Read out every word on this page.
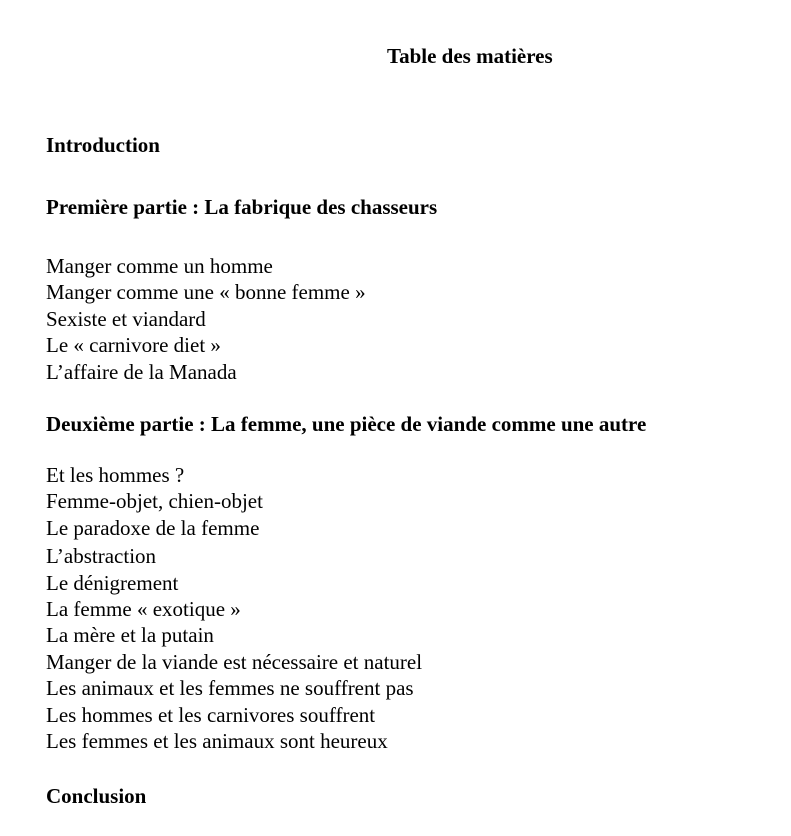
Table des matières
Introduction
Première partie : La fabrique des chasseurs
Manger comme un homme
Manger comme une « bonne femme »
Sexiste et viandard
Le « carnivore diet »
L’affaire de la Manada
Deuxième partie : La femme, une pièce de viande comme une autre
Et les hommes ?
Femme-objet, chien-objet
Le paradoxe de la femme
L’abstraction
Le dénigrement
La femme « exotique »
La mère et la putain
Manger de la viande est nécessaire et naturel
Les animaux et les femmes ne souffrent pas
Les hommes et les carnivores souffrent
Les femmes et les animaux sont heureux
Conclusion
